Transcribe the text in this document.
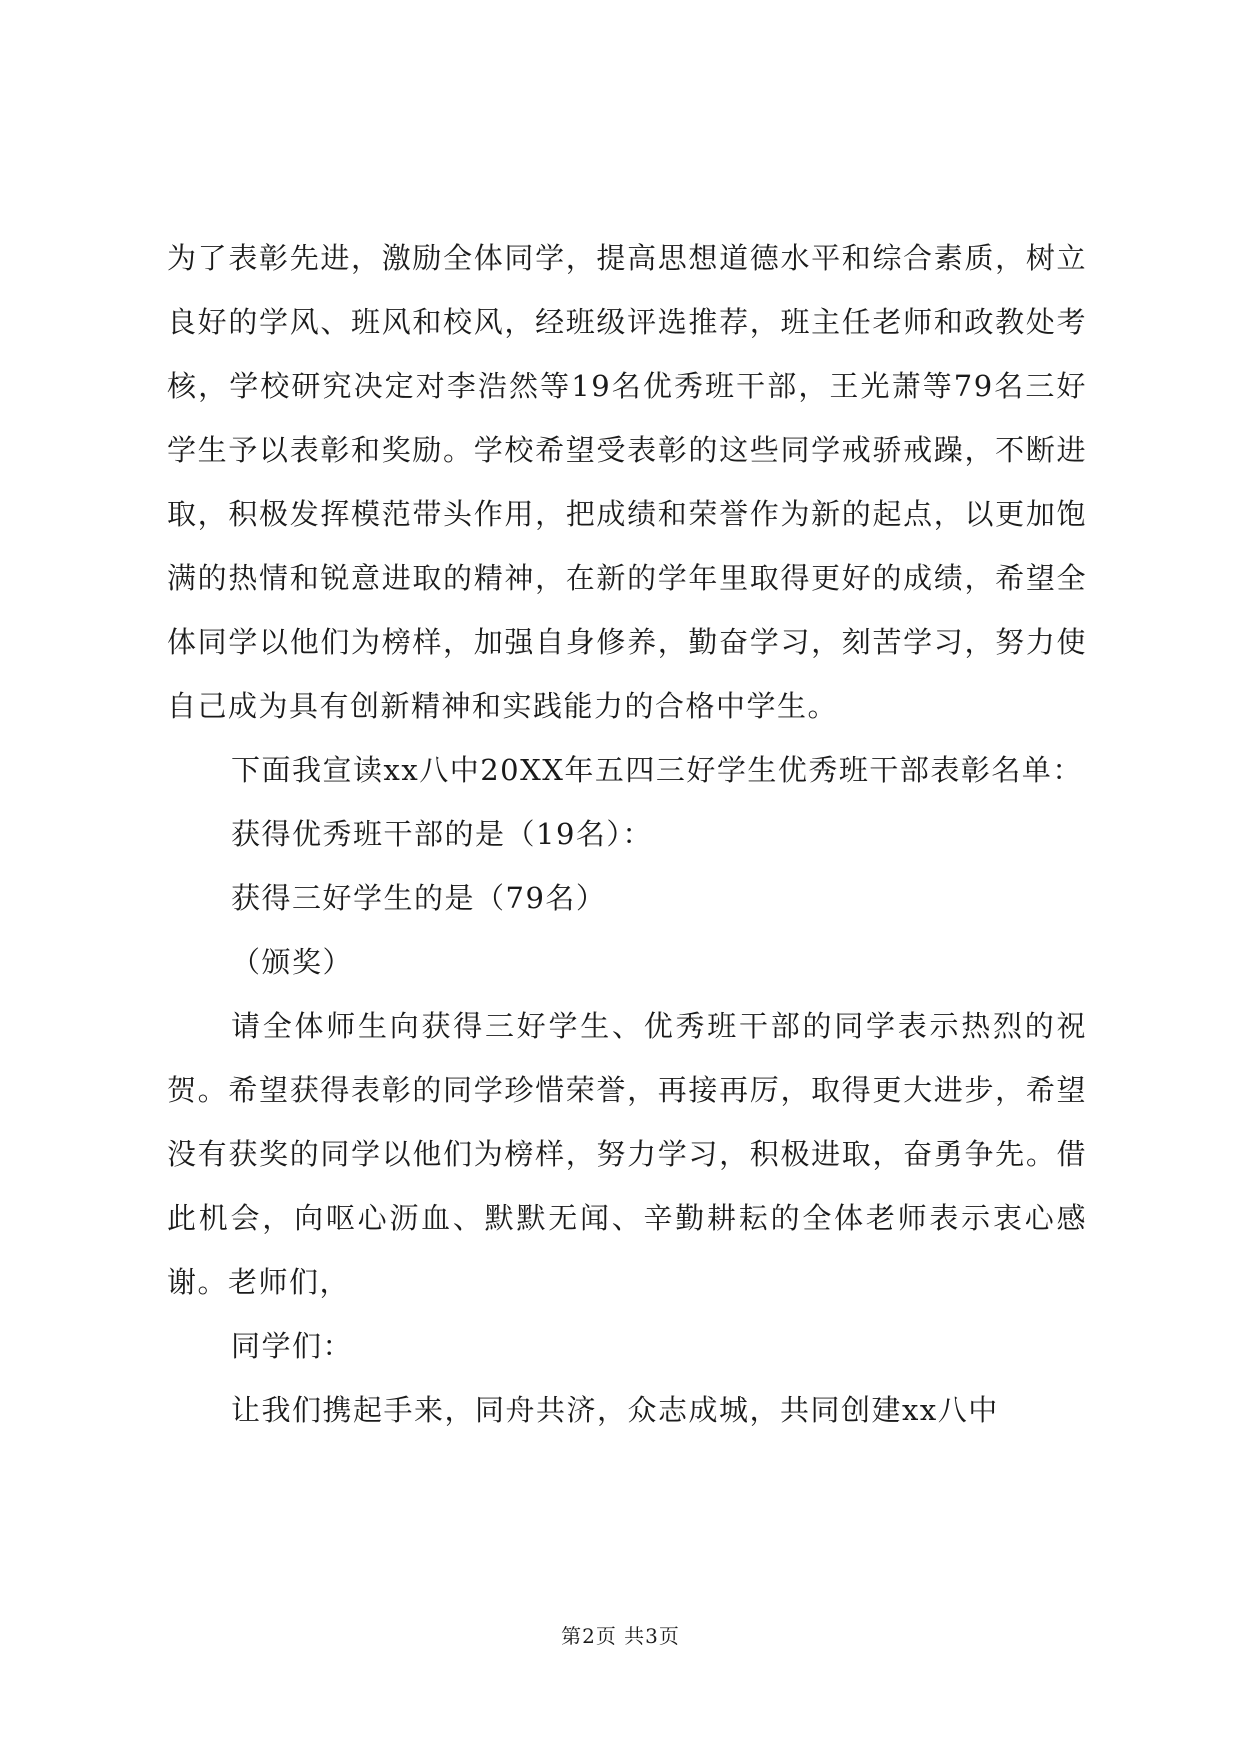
为了表彰先进，激励全体同学，提高思想道德水平和综合素质，树立良好的学风、班风和校风，经班级评选推荐，班主任老师和政教处考核，学校研究决定对李浩然等19名优秀班干部，王光萧等79名三好学生予以表彰和奖励。学校希望受表彰的这些同学戒骄戒躁，不断进取，积极发挥模范带头作用，把成绩和荣誉作为新的起点，以更加饱满的热情和锐意进取的精神，在新的学年里取得更好的成绩，希望全体同学以他们为榜样，加强自身修养，勤奋学习，刻苦学习，努力使自己成为具有创新精神和实践能力的合格中学生。

下面我宣读xx八中20XX年五四三好学生优秀班干部表彰名单：

获得优秀班干部的是（19名）：

获得三好学生的是（79名）

（颁奖）

请全体师生向获得三好学生、优秀班干部的同学表示热烈的祝贺。希望获得表彰的同学珍惜荣誉，再接再厉，取得更大进步，希望没有获奖的同学以他们为榜样，努力学习，积极进取，奋勇争先。借此机会，向呕心沥血、默默无闻、辛勤耕耘的全体老师表示衷心感谢。老师们，

同学们：

让我们携起手来，同舟共济，众志成城，共同创建xx八中

第2页 共3页
